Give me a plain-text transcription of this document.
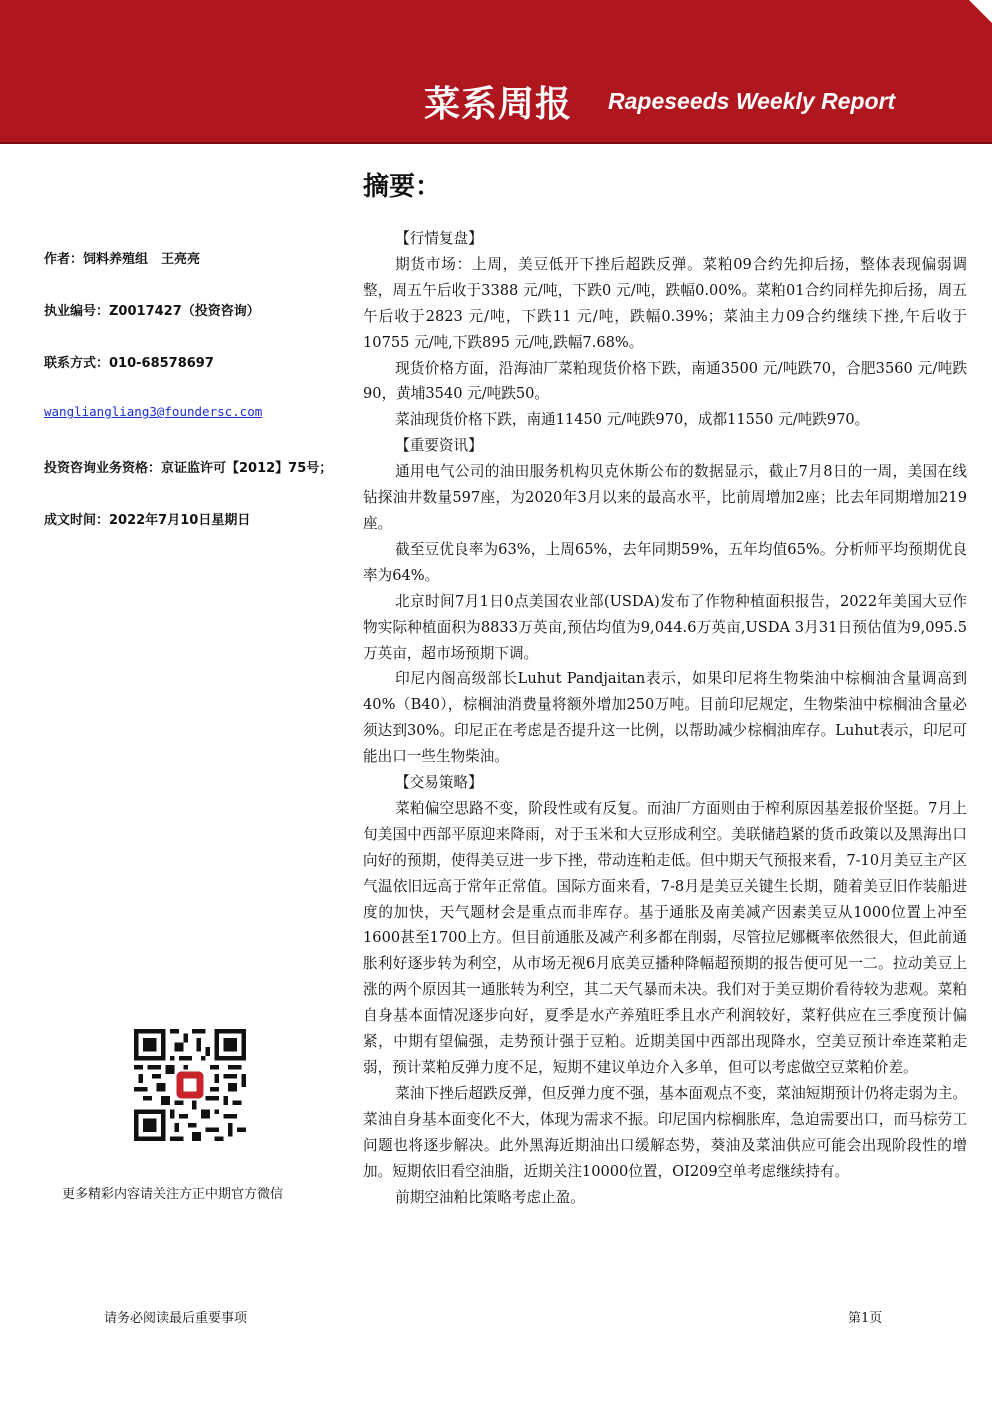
菜系周报 Rapeseeds Weekly Report
摘要：
作者：饲料养殖组　王亮亮
执业编号：Z0017427（投资咨询）
联系方式：010-68578697
wangliangliang3@foundersc.com
投资咨询业务资格：京证监许可【2012】75号；
成文时间：2022年7月10日星期日
更多精彩内容请关注方正中期官方微信

【行情复盘】

期货市场：上周，美豆低开下挫后超跌反弹。菜粕09合约先抑后扬，整体表现偏弱调整，周五午后收于3388 元/吨，下跌0 元/吨，跌幅0.00%。菜粕01合约同样先抑后扬，周五午后收于2823 元/吨，下跌11 元/吨，跌幅0.39%；菜油主力09合约继续下挫,午后收于10755 元/吨,下跌895 元/吨,跌幅7.68%。

现货价格方面，沿海油厂菜粕现货价格下跌，南通3500 元/吨跌70，合肥3560 元/吨跌90，黄埔3540 元/吨跌50。

菜油现货价格下跌，南通11450 元/吨跌970，成都11550 元/吨跌970。

【重要资讯】

通用电气公司的油田服务机构贝克休斯公布的数据显示，截止7月8日的一周，美国在线钻探油井数量597座，为2020年3月以来的最高水平，比前周增加2座；比去年同期增加219座。

截至豆优良率为63%，上周65%，去年同期59%，五年均值65%。分析师平均预期优良率为64%。

北京时间7月1日0点美国农业部(USDA)发布了作物种植面积报告，2022年美国大豆作物实际种植面积为8833万英亩,预估均值为9,044.6万英亩,USDA 3月31日预估值为9,095.5万英亩，超市场预期下调。

印尼内阁高级部长Luhut Pandjaitan表示，如果印尼将生物柴油中棕榈油含量调高到40%（B40），棕榈油消费量将额外增加250万吨。目前印尼规定，生物柴油中棕榈油含量必须达到30%。印尼正在考虑是否提升这一比例，以帮助减少棕榈油库存。Luhut表示，印尼可能出口一些生物柴油。

【交易策略】

菜粕偏空思路不变，阶段性或有反复。而油厂方面则由于榨利原因基差报价坚挺。7月上旬美国中西部平原迎来降雨，对于玉米和大豆形成利空。美联储趋紧的货币政策以及黑海出口向好的预期，使得美豆进一步下挫，带动连粕走低。但中期天气预报来看，7-10月美豆主产区气温依旧远高于常年正常值。国际方面来看，7-8月是美豆关键生长期，随着美豆旧作装船进度的加快，天气题材会是重点而非库存。基于通胀及南美减产因素美豆从1000位置上冲至1600甚至1700上方。但目前通胀及减产利多都在削弱，尽管拉尼娜概率依然很大，但此前通胀利好逐步转为利空，从市场无视6月底美豆播种降幅超预期的报告便可见一二。拉动美豆上涨的两个原因其一通胀转为利空，其二天气暴而未决。我们对于美豆期价看待较为悲观。菜粕自身基本面情况逐步向好，夏季是水产养殖旺季且水产利润较好，菜籽供应在三季度预计偏紧，中期有望偏强，走势预计强于豆粕。近期美国中西部出现降水，空美豆预计牵连菜粕走弱，预计菜粕反弹力度不足，短期不建议单边介入多单，但可以考虑做空豆菜粕价差。

菜油下挫后超跌反弹，但反弹力度不强，基本面观点不变，菜油短期预计仍将走弱为主。菜油自身基本面变化不大，体现为需求不振。印尼国内棕榈胀库，急迫需要出口，而马棕劳工问题也将逐步解决。此外黑海近期油出口缓解态势，葵油及菜油供应可能会出现阶段性的增加。短期依旧看空油脂，近期关注10000位置，OI209空单考虑继续持有。

前期空油粕比策略考虑止盈。

请务必阅读最后重要事项	第1页
